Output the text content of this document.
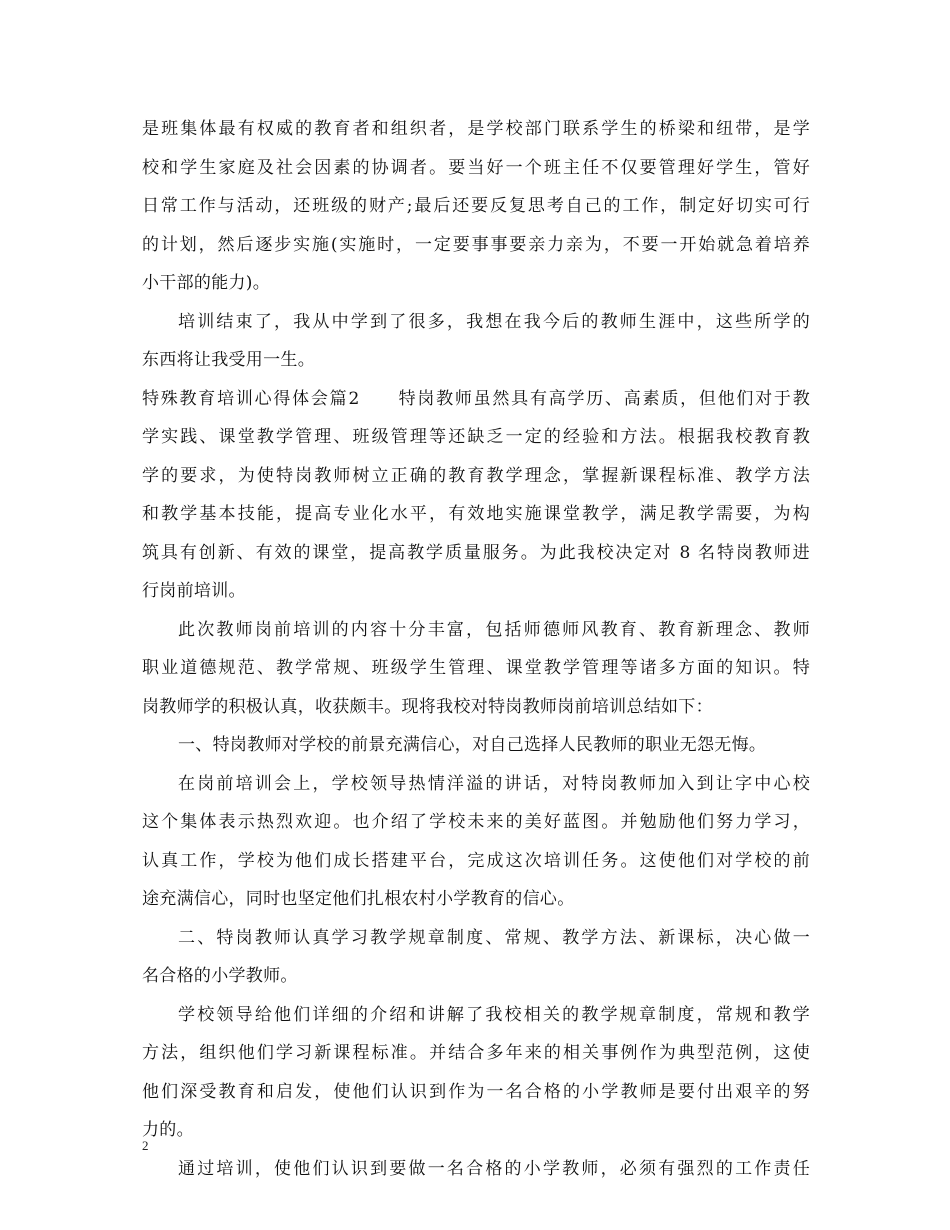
是班集体最有权威的教育者和组织者，是学校部门联系学生的桥梁和纽带，是学
校和学生家庭及社会因素的协调者。要当好一个班主任不仅要管理好学生，管好
日常工作与活动，还班级的财产;最后还要反复思考自己的工作，制定好切实可行
的计划，然后逐步实施(实施时，一定要事事要亲力亲为，不要一开始就急着培养
小干部的能力)。
培训结束了，我从中学到了很多，我想在我今后的教师生涯中，这些所学的
东西将让我受用一生。
特殊教育培训心得体会篇2　　特岗教师虽然具有高学历、高素质，但他们对于教
学实践、课堂教学管理、班级管理等还缺乏一定的经验和方法。根据我校教育教
学的要求，为使特岗教师树立正确的教育教学理念，掌握新课程标准、教学方法
和教学基本技能，提高专业化水平，有效地实施课堂教学，满足教学需要，为构
筑具有创新、有效的课堂，提高教学质量服务。为此我校决定对 8 名特岗教师进
行岗前培训。
此次教师岗前培训的内容十分丰富，包括师德师风教育、教育新理念、教师
职业道德规范、教学常规、班级学生管理、课堂教学管理等诸多方面的知识。特
岗教师学的积极认真，收获颇丰。现将我校对特岗教师岗前培训总结如下：
一、特岗教师对学校的前景充满信心，对自己选择人民教师的职业无怨无悔。
在岗前培训会上，学校领导热情洋溢的讲话，对特岗教师加入到让字中心校
这个集体表示热烈欢迎。也介绍了学校未来的美好蓝图。并勉励他们努力学习，
认真工作，学校为他们成长搭建平台，完成这次培训任务。这使他们对学校的前
途充满信心，同时也坚定他们扎根农村小学教育的信心。
二、特岗教师认真学习教学规章制度、常规、教学方法、新课标，决心做一
名合格的小学教师。
学校领导给他们详细的介绍和讲解了我校相关的教学规章制度，常规和教学
方法，组织他们学习新课程标准。并结合多年来的相关事例作为典型范例，这使
他们深受教育和启发，使他们认识到作为一名合格的小学教师是要付出艰辛的努
力的。
通过培训，使他们认识到要做一名合格的小学教师，必须有强烈的工作责任
2
